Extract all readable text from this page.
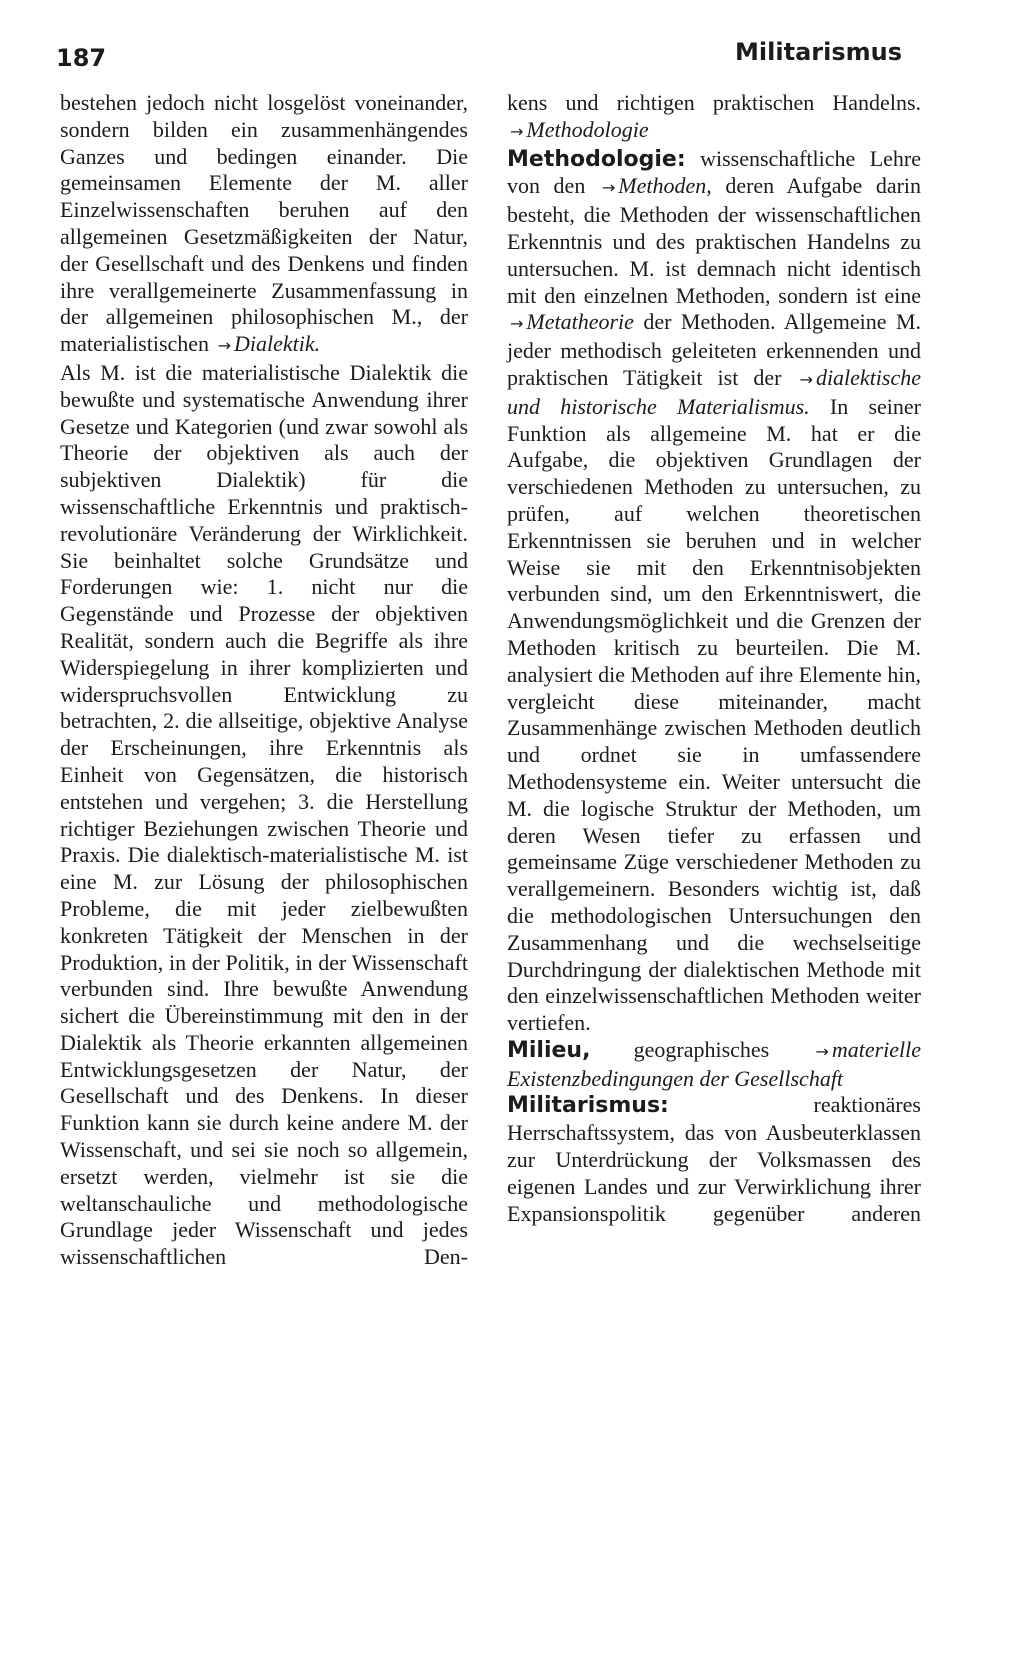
187	Militarismus

bestehen jedoch nicht losgelöst voneinander, sondern bilden ein zusammenhängendes Ganzes und bedingen einander. Die gemeinsamen Elemente der M. aller Einzelwissenschaften beruhen auf den allgemeinen Gesetzmäßigkeiten der Natur, der Gesellschaft und des Denkens und finden ihre verallgemeinerte Zusammenfassung in der allgemeinen philosophischen M., der materialistischen → Dialektik.

Als M. ist die materialistische Dialektik die bewußte und systematische Anwendung ihrer Gesetze und Kategorien (und zwar sowohl als Theorie der objektiven als auch der subjektiven Dialektik) für die wissenschaftliche Erkenntnis und praktisch-revolutionäre Veränderung der Wirklichkeit. Sie beinhaltet solche Grundsätze und Forderungen wie: 1. nicht nur die Gegenstände und Prozesse der objektiven Realität, sondern auch die Begriffe als ihre Widerspiegelung in ihrer komplizierten und widerspruchsvollen Entwicklung zu betrachten, 2. die allseitige, objektive Analyse der Erscheinungen, ihre Erkenntnis als Einheit von Gegensätzen, die historisch entstehen und vergehen; 3. die Herstellung richtiger Beziehungen zwischen Theorie und Praxis. Die dialektisch-materialistische M. ist eine M. zur Lösung der philosophischen Probleme, die mit jeder zielbewußten konkreten Tätigkeit der Menschen in der Produktion, in der Politik, in der Wissenschaft verbunden sind. Ihre bewußte Anwendung sichert die Übereinstimmung mit den in der Dialektik als Theorie erkannten allgemeinen Entwicklungsgesetzen der Natur, der Gesellschaft und des Denkens. In dieser Funktion kann sie durch keine andere M. der Wissenschaft, und sei sie noch so allgemein, ersetzt werden, vielmehr ist sie die weltanschauliche und methodologische Grundlage jeder Wissenschaft und jedes wissenschaftlichen Den-

kens und richtigen praktischen Handelns. → Methodologie

Methodologie: wissenschaftliche Lehre von den → Methoden, deren Aufgabe darin besteht, die Methoden der wissenschaftlichen Erkenntnis und des praktischen Handelns zu untersuchen. M. ist demnach nicht identisch mit den einzelnen Methoden, sondern ist eine → Metatheorie der Methoden. Allgemeine M. jeder methodisch geleiteten erkennenden und praktischen Tätigkeit ist der → dialektische und historische Materialismus. In seiner Funktion als allgemeine M. hat er die Aufgabe, die objektiven Grundlagen der verschiedenen Methoden zu untersuchen, zu prüfen, auf welchen theoretischen Erkenntnissen sie beruhen und in welcher Weise sie mit den Erkenntnisobjekten verbunden sind, um den Erkenntniswert, die Anwendungsmöglichkeit und die Grenzen der Methoden kritisch zu beurteilen. Die M. analysiert die Methoden auf ihre Elemente hin, vergleicht diese miteinander, macht Zusammenhänge zwischen Methoden deutlich und ordnet sie in umfassendere Methodensysteme ein. Weiter untersucht die M. die logische Struktur der Methoden, um deren Wesen tiefer zu erfassen und gemeinsame Züge verschiedener Methoden zu verallgemeinern. Besonders wichtig ist, daß die methodologischen Untersuchungen den Zusammenhang und die wechselseitige Durchdringung der dialektischen Methode mit den einzelwissenschaftlichen Methoden weiter vertiefen.

Milieu, geographisches	→ materielle Existenzbedingungen der Gesellschaft

Militarismus:	reaktionäres Herrschaftssystem, das von Ausbeuterklassen zur Unterdrückung der Volksmassen des eigenen Landes und zur Verwirklichung ihrer Expansionspolitik gegenüber anderen
